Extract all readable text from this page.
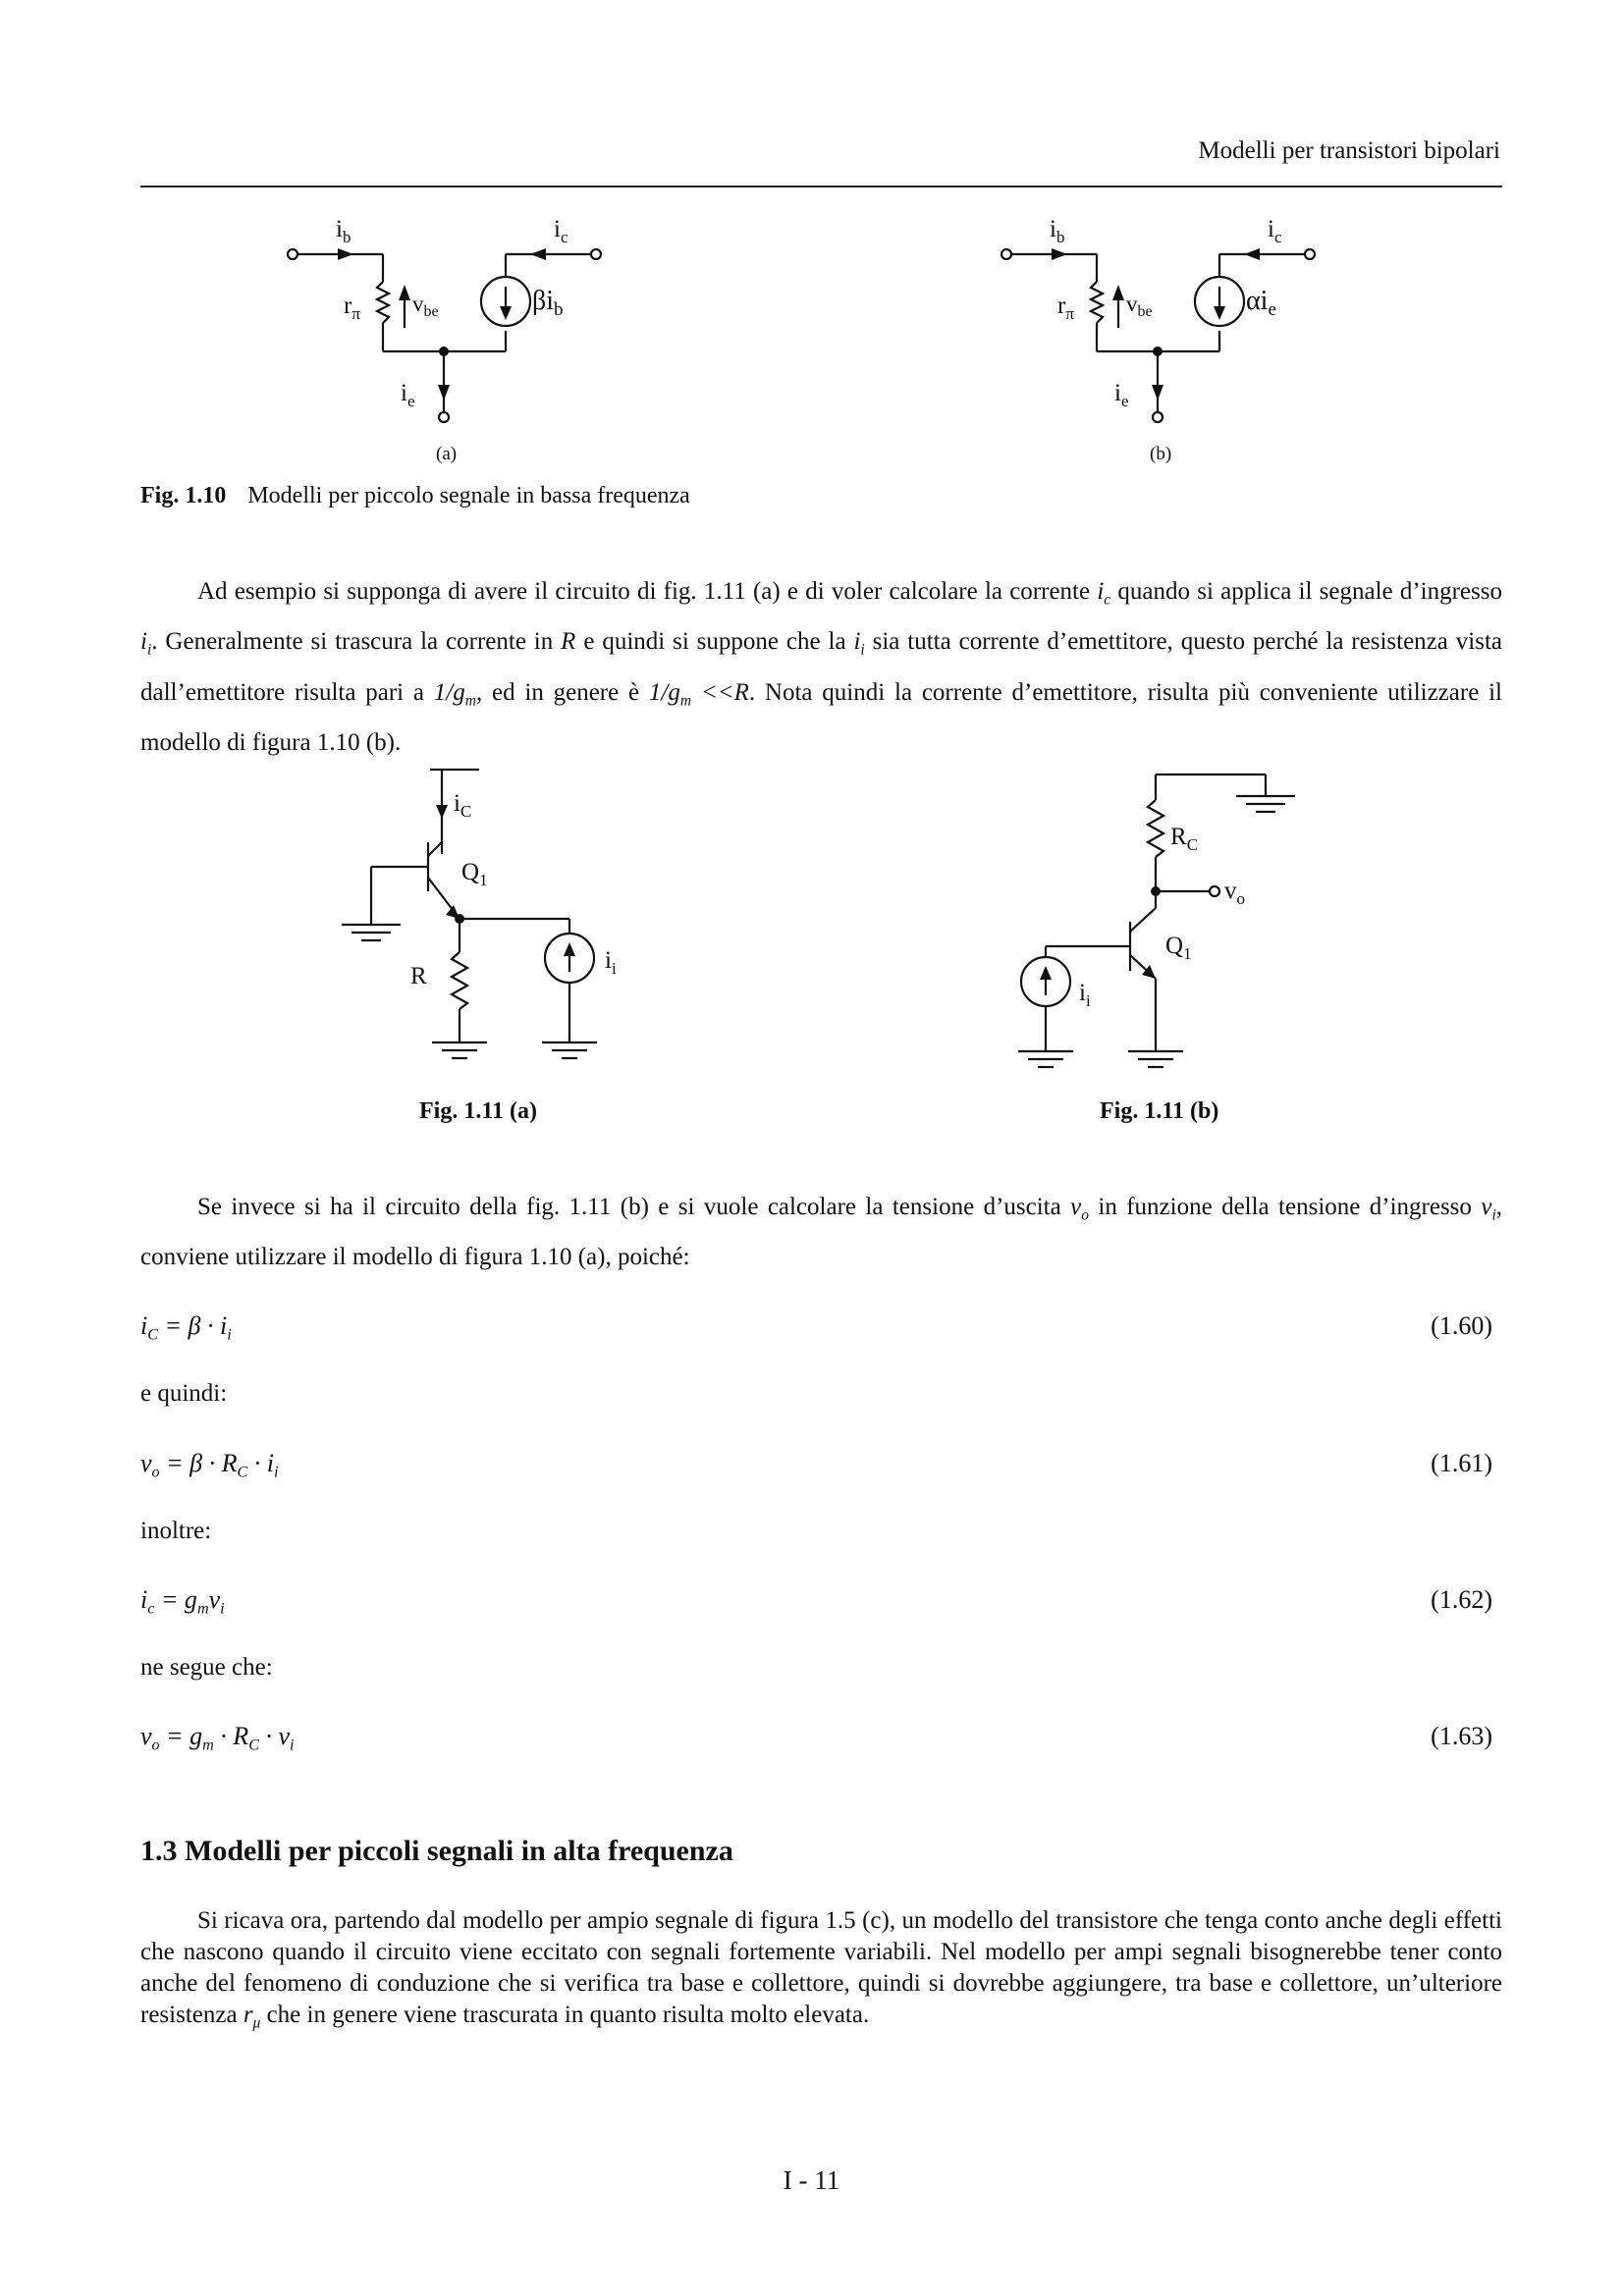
Modelli per transistori bipolari
$i_b$	$i_c$
$r_\pi$ $v_{be}$	$\beta i_b$
$i_e$
(a)
$i_b$	$i_c$
$r_\pi$ $v_{be}$	$\alpha i_e$
$i_e$
(b)
Fig. 1.10 Modelli per piccolo segnale in bassa frequenza
Ad esempio si supponga di avere il circuito di fig. 1.11 (a) e di voler calcolare la corrente $i_c$ quando si applica il segnale d’ingresso $i_i$. Generalmente si trascura la corrente in R e quindi si suppone che la $i_i$ sia tutta corrente d’emettitore, questo perché la resistenza vista dall’emettitore risulta pari a $1/g_m$, ed in genere è $1/g_m <<R$. Nota quindi la corrente d’emettitore, risulta più conveniente utilizzare il modello di figura 1.10 (b).
$i_C$
$Q_1$
R
$i_i$
Fig. 1.11 (a)
$R_C$
$v_o$
$Q_1$
$i_i$
Fig. 1.11 (b)
Se invece si ha il circuito della fig. 1.11 (b) e si vuole calcolare la tensione d’uscita $v_o$ in funzione della tensione d’ingresso $v_i$, conviene utilizzare il modello di figura 1.10 (a), poiché:
$i_C = \beta \cdot i_i$	(1.60)
e quindi:
$v_o = \beta \cdot R_C \cdot i_i$	(1.61)
inoltre:
$i_c = g_mv_i$	(1.62)
ne segue che:
$v_o = g_m \cdot R_C \cdot v_i$	(1.63)
1.3 Modelli per piccoli segnali in alta frequenza
Si ricava ora, partendo dal modello per ampio segnale di figura 1.5 (c), un modello del transistore che tenga conto anche degli effetti che nascono quando il circuito viene eccitato con segnali fortemente variabili. Nel modello per ampi segnali bisognerebbe tener conto anche del fenomeno di conduzione che si verifica tra base e collettore, quindi si dovrebbe aggiungere, tra base e collettore, un’ulteriore resistenza $r_\mu$ che in genere viene trascurata in quanto risulta molto elevata.
I - 11
